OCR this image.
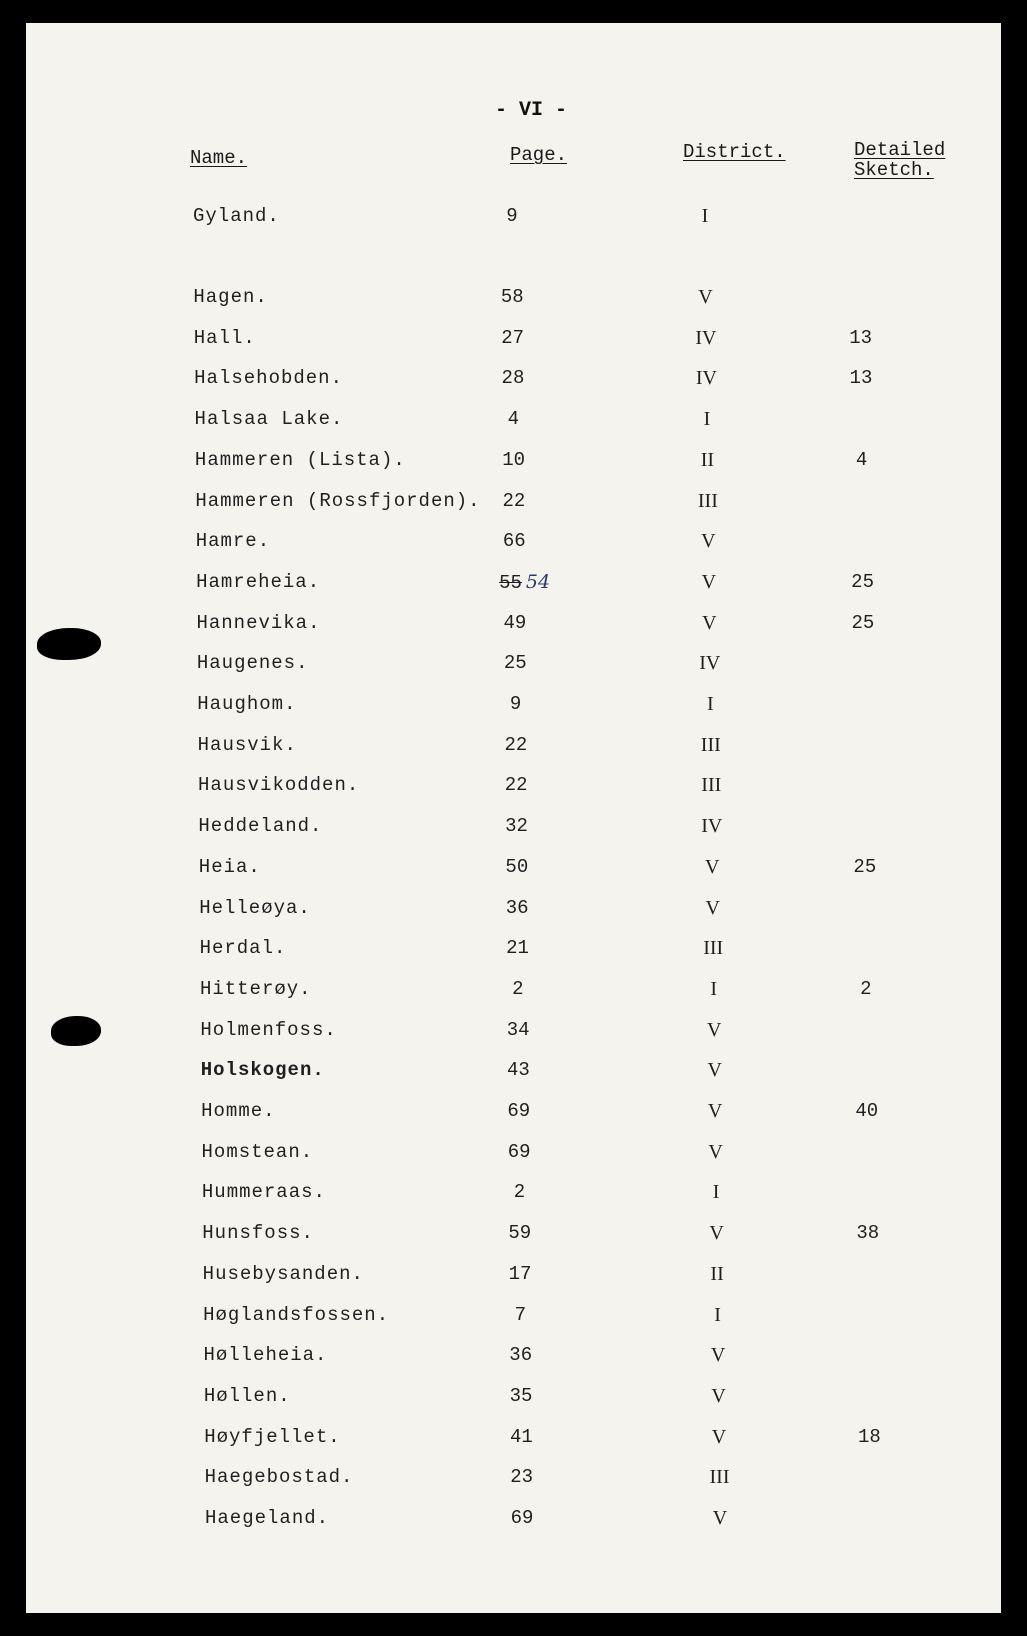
- VI -
Name.	Page.	District.	Detailed Sketch.
Gyland.	9	I
Hagen.	58	V
Hall.	27	IV	13
Halsehobden.	28	IV	13
Halsaa Lake.	4	I
Hammeren (Lista).	10	II	4
Hammeren (Rossfjorden).	22	III
Hamre.	66	V
Hamreheia.	55 54	V	25
Hannevika.	49	V	25
Haugenes.	25	IV
Haughom.	9	I
Hausvik.	22	III
Hausvikodden.	22	III
Heddeland.	32	IV
Heia.	50	V	25
Helleøya.	36	V
Herdal.	21	III
Hitterøy.	2	I	2
Holmenfoss.	34	V
Holskogen.	43	V
Homme.	69	V	40
Homstean.	69	V
Hummeraas.	2	I
Hunsfoss.	59	V	38
Husebysanden.	17	II
Høglandsfossen.	7	I
Hølleheia.	36	V
Høllen.	35	V
Høyfjellet.	41	V	18
Haegebostad.	23	III
Haegeland.	69	V
